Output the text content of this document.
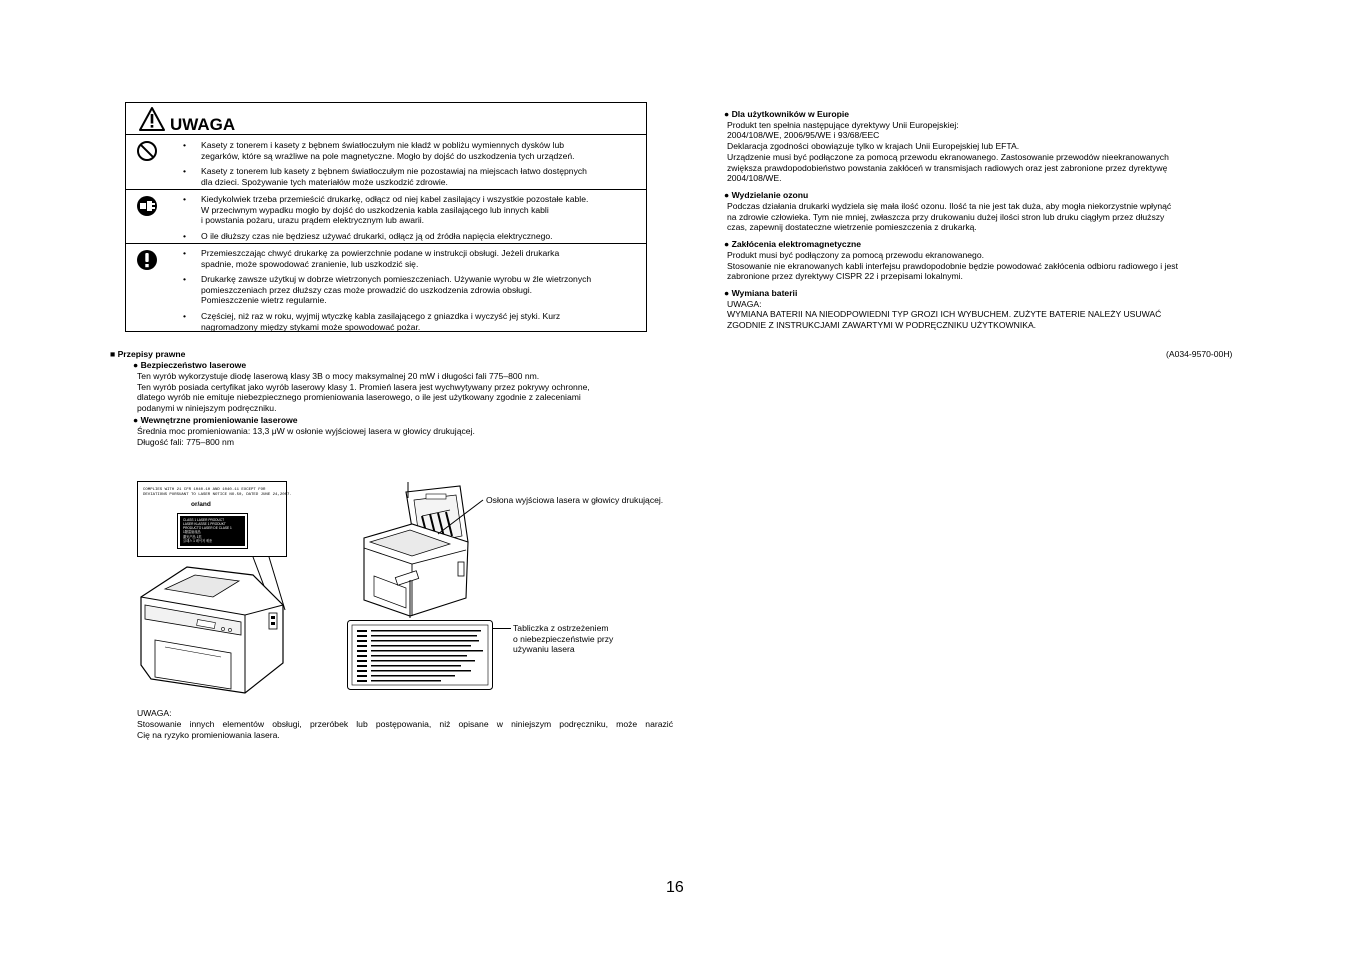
UWAGA
• Kasety z tonerem i kasety z bębnem światłoczułym nie kładź w pobliżu wymiennych dysków lub
zegarków, które są wrażliwe na pole magnetyczne. Mogło by dojść do uszkodzenia tych urządzeń.
• Kasety z tonerem lub kasety z bębnem światłoczułym nie pozostawiaj na miejscach łatwo dostępnych
dla dzieci. Spożywanie tych materiałów może uszkodzić zdrowie.
• Kiedykolwiek trzeba przemieścić drukarkę, odłącz od niej kabel zasilający i wszystkie pozostałe kable.
W przeciwnym wypadku mogło by dojść do uszkodzenia kabla zasilającego lub innych kabli
i powstania pożaru, urazu prądem elektrycznym lub awarii.
• O ile dłuższy czas nie będziesz używać drukarki, odłącz ją od źródła napięcia elektrycznego.
• Przemieszczając chwyć drukarkę za powierzchnie podane w instrukcji obsługi. Jeżeli drukarka
spadnie, może spowodować zranienie, lub uszkodzić się.
• Drukarkę zawsze użytkuj w dobrze wietrzonych pomieszczeniach. Używanie wyrobu w źle wietrzonych
pomieszczeniach przez dłuższy czas może prowadzić do uszkodzenia zdrowia obsługi.
Pomieszczenie wietrz regularnie.
• Częściej, niż raz w roku, wyjmij wtyczkę kabla zasilającego z gniazdka i wyczyść jej styki. Kurz
nagromadzony między stykami może spowodować pożar.
■ Przepisy prawne
● Bezpieczeństwo laserowe
Ten wyrób wykorzystuje diodę laserową klasy 3B o mocy maksymalnej 20 mW i długości fali 775–800 nm.
Ten wyrób posiada certyfikat jako wyrób laserowy klasy 1. Promień lasera jest wychwytywany przez pokrywy ochronne,
dlatego wyrób nie emituje niebezpiecznego promieniowania laserowego, o ile jest użytkowany zgodnie z zaleceniami
podanymi w niniejszym podręczniku.
● Wewnętrzne promieniowanie laserowe
Średnia moc promieniowania: 13,3 μW w osłonie wyjściowej lasera w głowicy drukującej.
Długość fali: 775–800 nm
COMPLIES WITH 21 CFR 1040.10 AND 1040.11 EXCEPT FOR
DEVIATIONS PURSUANT TO LASER NOTICE NO.50, DATED JUNE 24,2007.
or/and
CLASS 1 LASER PRODUCT
LASER KLASSE 1 PRODUKT
PRODUCTO LASER DE CLASE 1
1類雷射產品
激光产品 1类
클래스 1 레이저 제품
Osłona wyjściowa lasera w głowicy drukującej.
Tabliczka z ostrzeżeniem
o niebezpieczeństwie przy
używaniu lasera
UWAGA:
Stosowanie innych elementów obsługi, przeróbek lub postępowania, niż opisane w niniejszym podręczniku, może narazić
Cię na ryzyko promieniowania lasera.
● Dla użytkowników w Europie
Produkt ten spełnia następujące dyrektywy Unii Europejskiej:
2004/108/WE, 2006/95/WE i 93/68/EEC
Deklaracja zgodności obowiązuje tylko w krajach Unii Europejskiej lub EFTA.
Urządzenie musi być podłączone za pomocą przewodu ekranowanego. Zastosowanie przewodów nieekranowanych
zwiększa prawdopodobieństwo powstania zakłóceń w transmisjach radiowych oraz jest zabronione przez dyrektywę
2004/108/WE.
● Wydzielanie ozonu
Podczas działania drukarki wydziela się mała ilość ozonu. Ilość ta nie jest tak duża, aby mogła niekorzystnie wpłynąć
na zdrowie człowieka. Tym nie mniej, zwłaszcza przy drukowaniu dużej ilości stron lub druku ciągłym przez dłuższy
czas, zapewnij dostateczne wietrzenie pomieszczenia z drukarką.
● Zakłócenia elektromagnetyczne
Produkt musi być podłączony za pomocą przewodu ekranowanego.
Stosowanie nie ekranowanych kabli interfejsu prawdopodobnie będzie powodować zakłócenia odbioru radiowego i jest
zabronione przez dyrektywy CISPR 22 i przepisami lokalnymi.
● Wymiana baterii
UWAGA:
WYMIANA BATERII NA NIEODPOWIEDNI TYP GROZI ICH WYBUCHEM. ZUŻYTE BATERIE NALEŻY USUWAĆ
ZGODNIE Z INSTRUKCJAMI ZAWARTYMI W PODRĘCZNIKU UŻYTKOWNIKA.
(A034-9570-00H)
16
